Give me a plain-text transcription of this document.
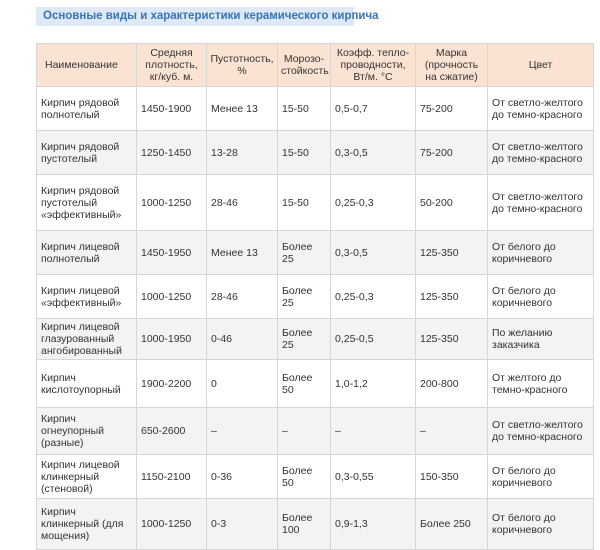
Основные виды и характеристики керамического кирпича
Наименование	Средняя плотность, кг/куб. м.	Пустотность, %	Морозо-стойкость	Коэфф. тепло-проводности, Вт/м. °С	Марка (прочность на сжатие)	Цвет
Кирпич рядовой полнотелый	1450-1900	Менее 13	15-50	0,5-0,7	75-200	От светло-желтого до темно-красного
Кирпич рядовой пустотелый	1250-1450	13-28	15-50	0,3-0,5	75-200	От светло-желтого до темно-красного
Кирпич рядовой пустотелый «эффективный»	1000-1250	28-46	15-50	0,25-0,3	50-200	От светло-желтого до темно-красного
Кирпич лицевой полнотелый	1450-1950	Менее 13	Более 25	0,3-0,5	125-350	От белого до коричневого
Кирпич лицевой «эффективный»	1000-1250	28-46	Более 25	0,25-0,3	125-350	От белого до коричневого
Кирпич лицевой глазурованный ангобированный	1000-1950	0-46	Более 25	0,25-0,5	125-350	По желанию заказчика
Кирпич кислотоупорный	1900-2200	0	Более 50	1,0-1,2	200-800	От желтого до темно-красного
Кирпич огнеупорный (разные)	650-2600	–	–	–	–	От светло-желтого до темно-красного
Кирпич лицевой клинкерный (стеновой)	1150-2100	0-36	Более 50	0,3-0,55	150-350	От белого до коричневого
Кирпич клинкерный (для мощения)	1000-1250	0-3	Более 100	0,9-1,3	Более 250	От белого до коричневого
